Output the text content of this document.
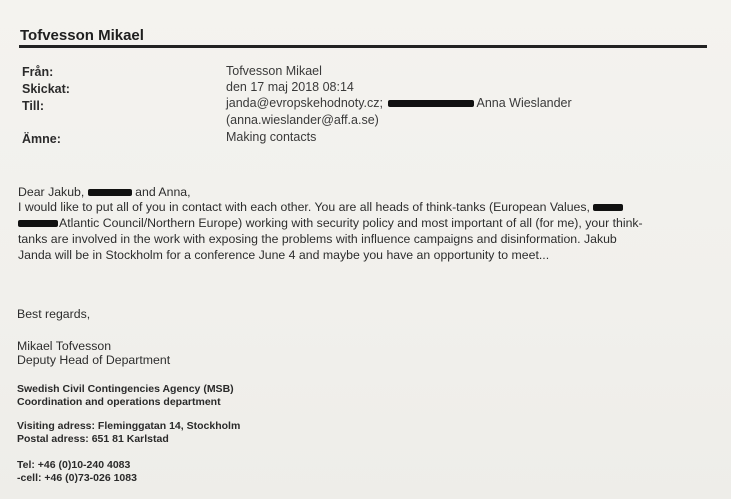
Tofvesson Mikael
Från:	Tofvesson Mikael
Skickat:	den 17 maj 2018 08:14
Till:	janda@evropskehodnoty.cz;	Anna Wieslander
(anna.wieslander@aff.a.se)
Ämne:	Making contacts
Dear Jakub,	and Anna,
I would like to put all of you in contact with each other. You are all heads of think-tanks (European Values,
Atlantic Council/Northern Europe) working with security policy and most important of all (for me), your think-
tanks are involved in the work with exposing the problems with influence campaigns and disinformation. Jakub
Janda will be in Stockholm for a conference June 4 and maybe you have an opportunity to meet...
Best regards,
Mikael Tofvesson
Deputy Head of Department
Swedish Civil Contingencies Agency (MSB)
Coordination and operations department
Visiting adress: Fleminggatan 14, Stockholm
Postal adress: 651 81 Karlstad
Tel: +46 (0)10-240 4083
-cell: +46 (0)73-026 1083
